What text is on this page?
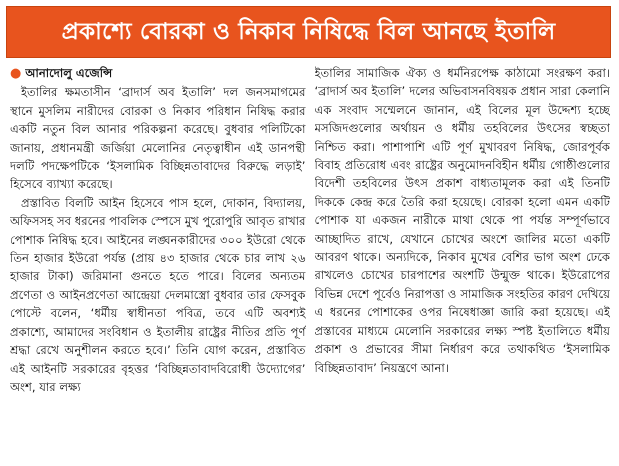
প্রকাশ্যে বোরকা ও নিকাব নিষিদ্ধে বিল আনছে ইতালি

● আনাদোলু এজেন্সি

ইতালির ক্ষমতাসীন ‘ব্রাদার্স অব ইতালি’ দল জনসমাগমের স্থানে মুসলিম নারীদের বোরকা ও নিকাব পরিধান নিষিদ্ধ করার একটি নতুন বিল আনার পরিকল্পনা করেছে। বুধবার পলিটিকো জানায়, প্রধানমন্ত্রী জর্জিয়া মেলোনির নেতৃত্বাধীন এই ডানপন্থী দলটি পদক্ষেপটিকে ‘ইসলামিক বিচ্ছিন্নতাবাদের বিরুদ্ধে লড়াই’ হিসেবে ব্যাখ্যা করেছে।

প্রস্তাবিত বিলটি আইন হিসেবে পাস হলে, দোকান, বিদ্যালয়, অফিসসহ সব ধরনের পাবলিক স্পেসে মুখ পুরোপুরি আবৃত রাখার পোশাক নিষিদ্ধ হবে। আইনের লঙ্ঘনকারীদের ৩০০ ইউরো থেকে তিন হাজার ইউরো পর্যন্ত (প্রায় ৪৩ হাজার থেকে চার লাখ ২৬ হাজার টাকা) জরিমানা গুনতে হতে পারে। বিলের অন্যতম প্রণেতা ও আইনপ্রণেতা আন্দ্রেয়া দেলমাস্ত্রো বুধবার তার ফেসবুক পোস্টে বলেন, ‘ধর্মীয় স্বাধীনতা পবিত্র, তবে এটি অবশ্যই প্রকাশ্যে, আমাদের সংবিধান ও ইতালীয় রাষ্ট্রের নীতির প্রতি পূর্ণ শ্রদ্ধা রেখে অনুশীলন করতে হবে।’ তিনি যোগ করেন, প্রস্তাবিত এই আইনটি সরকারের বৃহত্তর ‘বিচ্ছিন্নতাবাদবিরোধী উদ্যোগের’ অংশ, যার লক্ষ্য

ইতালির সামাজিক ঐক্য ও ধর্মনিরপেক্ষ কাঠামো সংরক্ষণ করা। ‘ব্রাদার্স অব ইতালি’ দলের অভিবাসনবিষয়ক প্রধান সারা কেলানি এক সংবাদ সম্মেলনে জানান, এই বিলের মূল উদ্দেশ্য হচ্ছে মসজিদগুলোর অর্থায়ন ও ধর্মীয় তহবিলের উৎসের স্বচ্ছতা নিশ্চিত করা। পাশাপাশি এটি পূর্ণ মুখাবরণ নিষিদ্ধ, জোরপূর্বক বিবাহ প্রতিরোধ এবং রাষ্ট্রের অনুমোদনবিহীন ধর্মীয় গোষ্ঠীগুলোর বিদেশী তহবিলের উৎস প্রকাশ বাধ্যতামূলক করা এই তিনটি দিককে কেন্দ্র করে তৈরি করা হয়েছে। বোরকা হলো এমন একটি পোশাক যা একজন নারীকে মাথা থেকে পা পর্যন্ত সম্পূর্ণভাবে আচ্ছাদিত রাখে, যেখানে চোখের অংশে জালির মতো একটি আবরণ থাকে। অন্যদিকে, নিকাব মুখের বেশির ভাগ অংশ ঢেকে রাখলেও চোখের চারপাশের অংশটি উন্মুক্ত থাকে। ইউরোপের বিভিন্ন দেশে পূর্বেও নিরাপত্তা ও সামাজিক সংহতির কারণ দেখিয়ে এ ধরনের পোশাকের ওপর নিষেধাজ্ঞা জারি করা হয়েছে। এই প্রস্তাবের মাধ্যমে মেলোনি সরকারের লক্ষ্য স্পষ্ট ইতালিতে ধর্মীয় প্রকাশ ও প্রভাবের সীমা নির্ধারণ করে তথাকথিত ‘ইসলামিক বিচ্ছিন্নতাবাদ’ নিয়ন্ত্রণে আনা।
